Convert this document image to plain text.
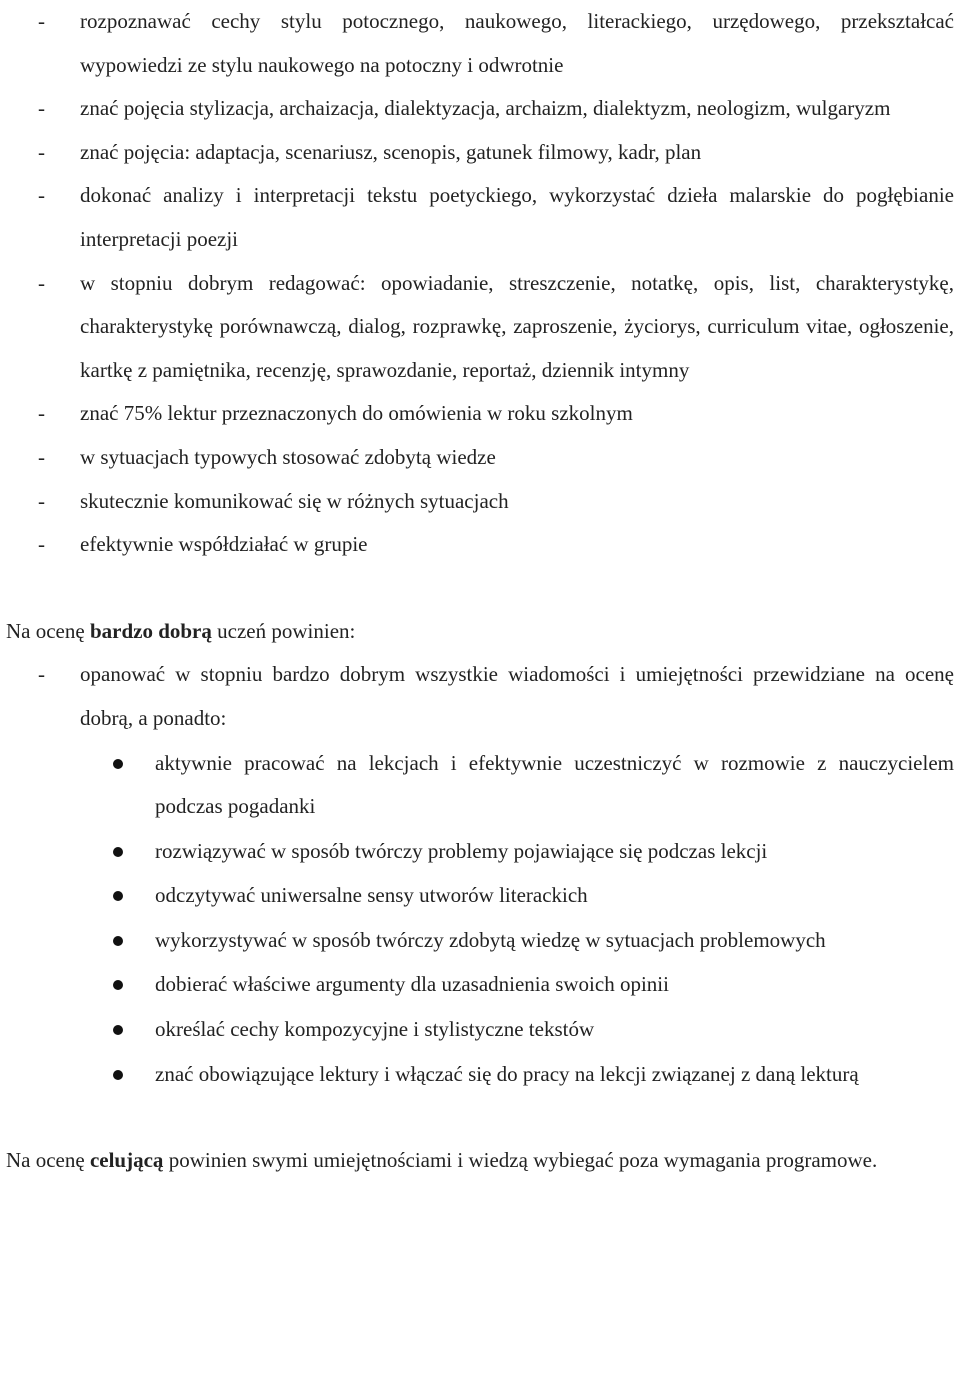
- rozpoznawać cechy stylu potocznego, naukowego, literackiego, urzędowego, przekształcać wypowiedzi ze stylu naukowego na potoczny i odwrotnie
- znać pojęcia stylizacja, archaizacja, dialektyzacja, archaizm, dialektyzm, neologizm, wulgaryzm
- znać pojęcia: adaptacja, scenariusz, scenopis, gatunek filmowy, kadr, plan
- dokonać analizy i interpretacji tekstu poetyckiego, wykorzystać dzieła malarskie do pogłębianie interpretacji poezji
- w stopniu dobrym redagować: opowiadanie, streszczenie, notatkę, opis, list, charakterystykę, charakterystykę porównawczą, dialog, rozprawkę, zaproszenie, życiorys, curriculum vitae, ogłoszenie, kartkę z pamiętnika, recenzję, sprawozdanie, reportaż, dziennik intymny
- znać 75% lektur przeznaczonych do omówienia w roku szkolnym
- w sytuacjach typowych stosować zdobytą wiedze
- skutecznie komunikować się w różnych sytuacjach
- efektywnie współdziałać w grupie
Na ocenę bardzo dobrą uczeń powinien:
- opanować w stopniu bardzo dobrym wszystkie wiadomości i umiejętności przewidziane na ocenę dobrą, a ponadto:
aktywnie pracować na lekcjach i efektywnie uczestniczyć w rozmowie z nauczycielem podczas pogadanki
rozwiązywać w sposób twórczy problemy pojawiające się podczas lekcji
odczytywać uniwersalne sensy utworów literackich
wykorzystywać w sposób twórczy zdobytą wiedzę w sytuacjach problemowych
dobierać właściwe argumenty dla uzasadnienia swoich opinii
określać cechy kompozycyjne i stylistyczne tekstów
znać obowiązujące lektury i włączać się do pracy na lekcji związanej z daną lekturą
Na ocenę celującą powinien swymi umiejętnościami i wiedzą wybiegać poza wymagania programowe.
